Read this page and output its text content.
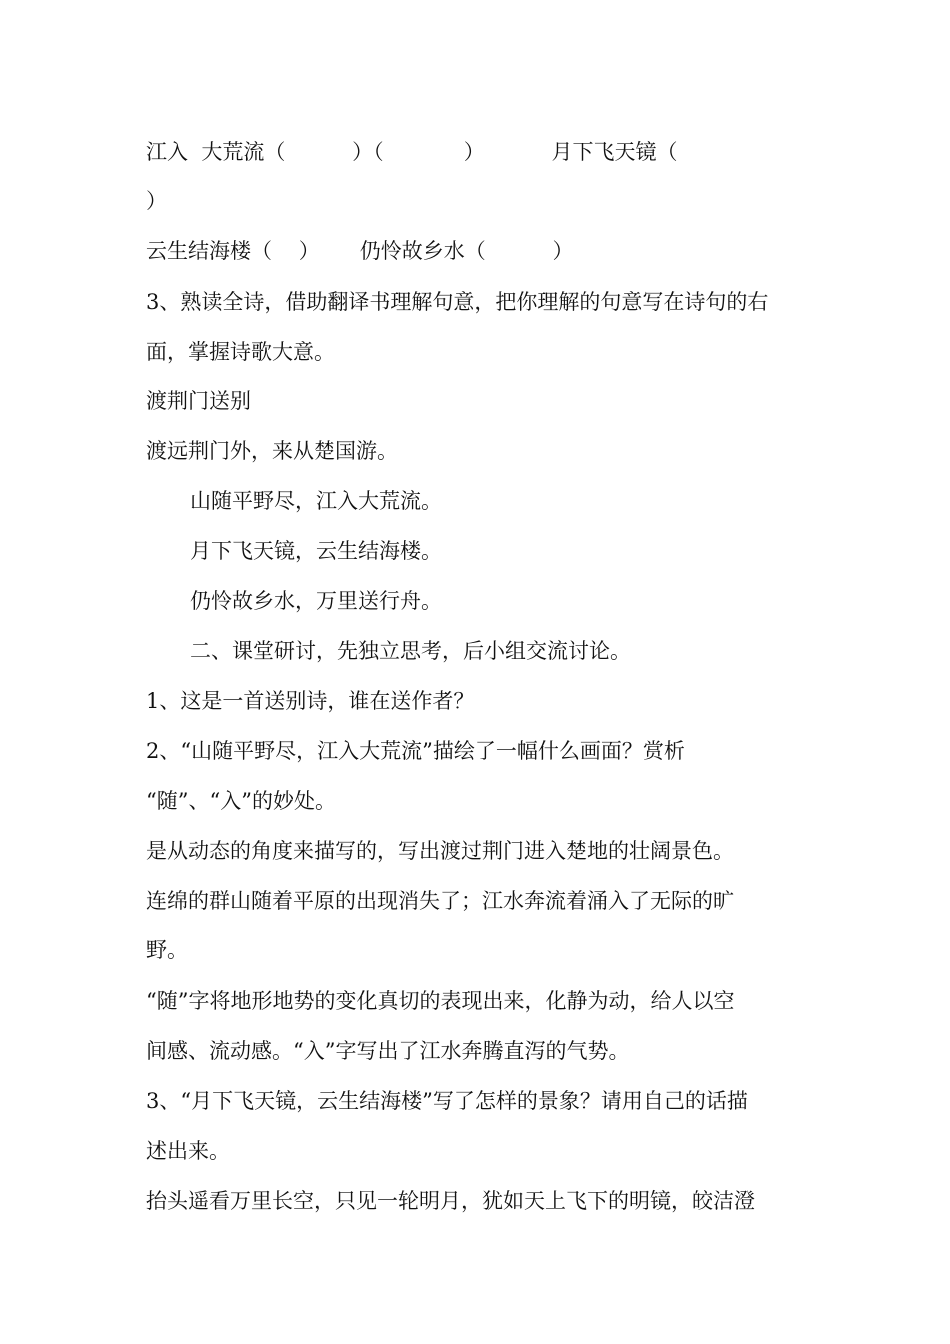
江入  大荒流（          ）（            ）          月下飞天镜（
）
云生结海楼（    ）      仍怜故乡水（          ）
3、熟读全诗，借助翻译书理解句意，把你理解的句意写在诗句的右
面，掌握诗歌大意。
渡荆门送别
渡远荆门外，来从楚国游。
山随平野尽，江入大荒流。
月下飞天镜，云生结海楼。
仍怜故乡水，万里送行舟。
二、课堂研讨，先独立思考，后小组交流讨论。
1、这是一首送别诗，谁在送作者？
2、“山随平野尽，江入大荒流”描绘了一幅什么画面？赏析
“随”、“入”的妙处。
是从动态的角度来描写的，写出渡过荆门进入楚地的壮阔景色。
连绵的群山随着平原的出现消失了；江水奔流着涌入了无际的旷
野。
“随”字将地形地势的变化真切的表现出来，化静为动，给人以空
间感、流动感。“入”字写出了江水奔腾直泻的气势。
3、“月下飞天镜，云生结海楼”写了怎样的景象？请用自己的话描
述出来。
抬头遥看万里长空，只见一轮明月，犹如天上飞下的明镜，皎洁澄
